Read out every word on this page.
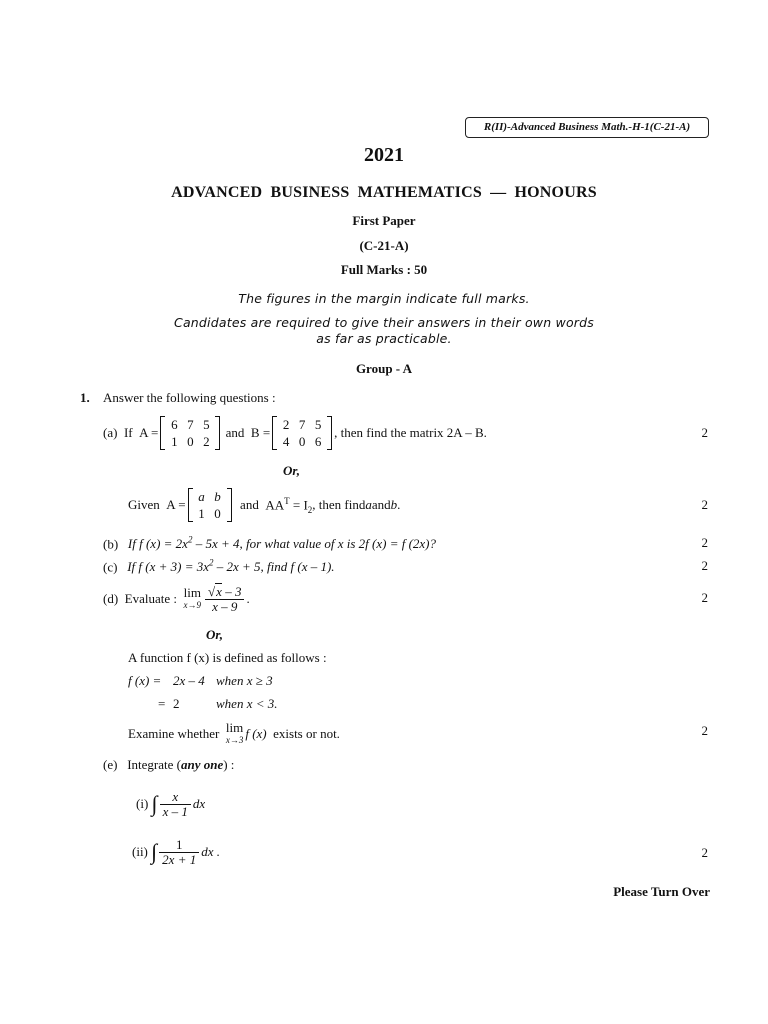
R(II)-Advanced Business Math.-H-1(C-21-A)
2021
ADVANCED BUSINESS MATHEMATICS — HONOURS
First Paper
(C-21-A)
Full Marks : 50
The figures in the margin indicate full marks.
Candidates are required to give their answers in their own words
as far as practicable.
Group - A
1. Answer the following questions :
(a)
If
A =
6 7 5
1 0 2

and
B =
2 7 5
4 0 6
, then find the matrix 2A – B.	2
Or,
Given
A =
a b
1 0

and
$AA^T = I_2$ , then find a and b .	2
(b) If f $(x) = 2x^2 - 5x + 4$, for what value of x is 2f (x) = f (2x)?	2
(c) If f $(x + 3) = 3x^2 - 2x + 5$, find f (x – 1).	2
(d)
Evaluate :
lim
$x\to 9 \frac{√x - 3}{x - 9}$ .	2
Or,
A function f (x) is defined as follows :
f (x) = 2x – 4 when x ≥ 3
= 2	when x < 3.
Examine whether
lim
x→3 f (x)
exists or not.	2
(e) Integrate (any one) :
(i)
∫ $\frac{x}{x - 1}$ dx
(ii)
∫ $\frac{1}{2x + 1}$ dx .	2
Please Turn Over
